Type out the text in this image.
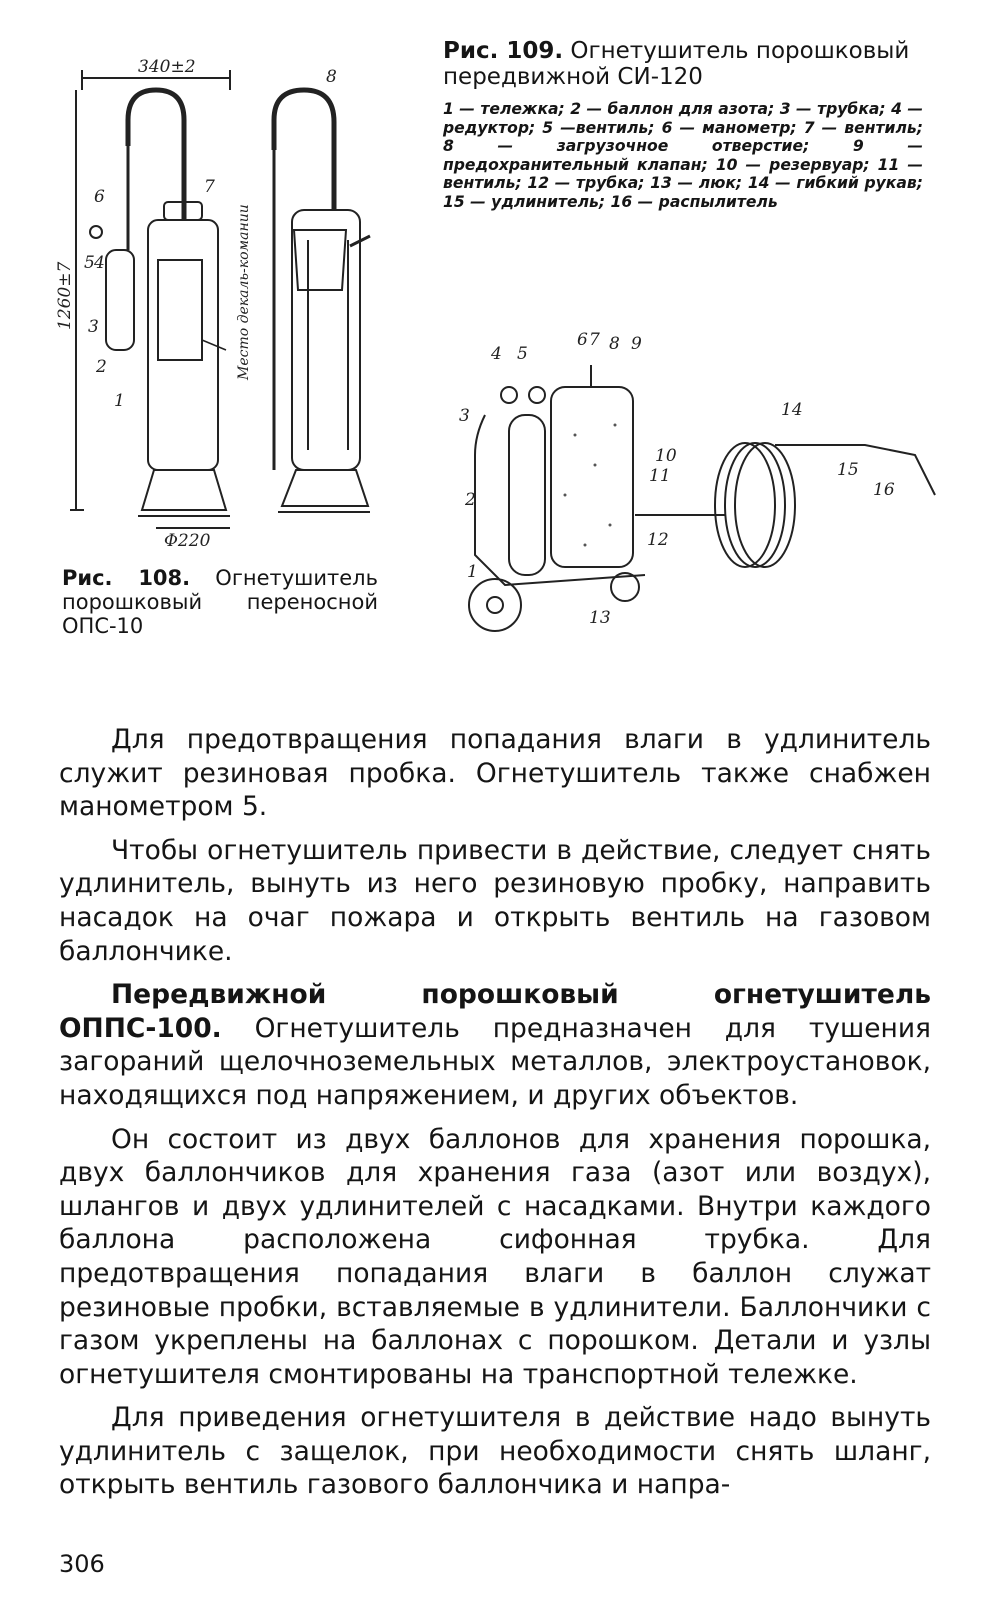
340±2
Φ220
1260±7	Место декаль-комании
1
2
3
4
5
6	7
8
Рис. 108. Огнетушитель порошковый переносной ОПС-10
Рис. 109. Огнетушитель порошковый передвижной СИ-120
1 — тележка; 2 — баллон для азота; 3 — трубка; 4 — редуктор; 5 —вентиль; 6 — манометр; 7 — вентиль; 8 — загрузочное отверстие; 9 — предохранительный клапан; 10 — резервуар; 11 — вентиль; 12 — трубка; 13 — люк; 14 — гибкий рукав; 15 — удлинитель; 16 — распылитель
1
2
3
4 5
6 7 8 9
10
11
12
13
14
15
16

Для предотвращения попадания влаги в удлинитель служит резиновая пробка. Огнетушитель также снабжен манометром 5.

Чтобы огнетушитель привести в действие, следует снять удлинитель, вынуть из него резиновую пробку, направить насадок на очаг пожара и открыть вентиль на газовом баллончике.

Передвижной порошковый огнетушитель ОППС-100. Огнетушитель предназначен для тушения загораний щелочноземельных металлов, электроустановок, находящихся под напряжением, и других объектов.

Он состоит из двух баллонов для хранения порошка, двух баллончиков для хранения газа (азот или воздух), шлангов и двух удлинителей с насадками. Внутри каждого баллона расположена сифонная трубка. Для предотвращения попадания влаги в баллон служат резиновые пробки, вставляемые в удлинители. Баллончики с газом укреплены на баллонах с порошком. Детали и узлы огнетушителя смонтированы на транспортной тележке.

Для приведения огнетушителя в действие надо вынуть удлинитель с защелок, при необходимости снять шланг, открыть вентиль газового баллончика и напра-

306
